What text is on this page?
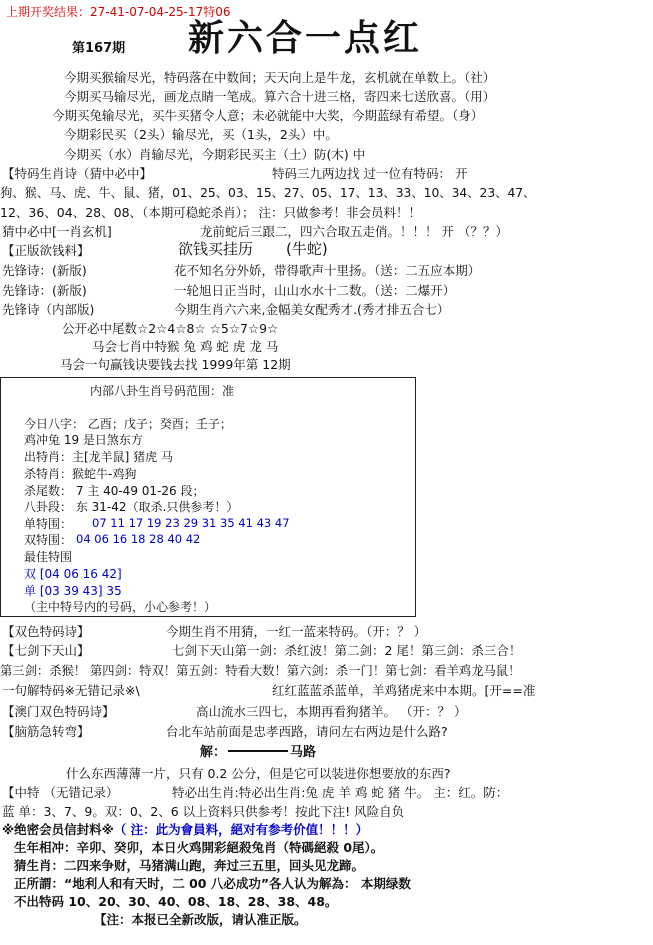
上期开奖结果：27-41-07-04-25-17特06
第167期 新六合一点红
今期买猴输尽光，特码落在中数间；天天向上是牛龙，玄机就在单数上。（社）
今期买马输尽光，画龙点睛一笔成。算六合十进三格，寄四来七送欣喜。（用）
今期买兔输尽光，买牛买猪令人意；未必就能中大奖，今期蓝绿有希望。（身）
今期彩民买（2头）输尽光，买（1头，2头）中。
今期买（水）肖输尽光，今期彩民买主（土）防(木) 中
【特码生肖诗（猜中必中】	特码三九两边找 过一位有特码： 开
狗、猴、马、虎、牛、鼠、猪，01、25、03、15、27、05、17、13、33、10、34、23、47、
12、36、04、28、08、（本期可稳蛇杀肖）； 注：只做参考！非会员料！！
猜中必中[一肖玄机]	龙前蛇后三跟二，四六合取五走俏。！！！ 开 （？？）
【正版欲钱料】	欲钱买挂历 (牛蛇)
先锋诗：(新版)	花不知名分外娇，带得歌声十里扬。（送：二五应本期）
先锋诗：(新版)	一轮旭日正当时，山山水水十二数。（送：二爆开）
先锋诗（内部版)	今期生肖六六来,金幅美女配秀才.(秀才排五合七）
公开必中尾数☆2☆4☆8☆ ☆5☆7☆9☆
马会七肖中特猴 兔 鸡 蛇 虎 龙 马
马会一句赢钱诀要钱去找 1999年第 12期
内部八卦生肖号码范围：准
今日八字： 乙酉；戊子；癸酉；壬子；
鸡冲兔 19 是日煞东方
出特肖：主[龙羊鼠] 猪虎 马
杀特肖：猴蛇牛-鸡狗
杀尾数： 7 主 40-49 01-26 段；
八卦段： 东 31-42（取杀.只供参考！）
单特围： 07 11 17 19 23 29 31 35 41 43 47
双特围： 04 06 16 18 28 40 42
最佳特围
双 [04 06 16 42]
单 [03 39 43] 35
（主中特号内的号码，小心参考！）
【双色特码诗】	今期生肖不用猜，一红一蓝来特码。（开：？ ）
【七剑下天山】	七剑下天山第一剑：杀红波！第二剑：2 尾！第三剑：杀三合！
第三剑：杀猴！ 第四剑：特双！第五剑：特看大数！第六剑：杀一门！第七剑：看羊鸡龙马鼠！
一句解特码※无错记录※\	红红蓝蓝杀蓝单，羊鸡猪虎来中本期。[开==准
【澳门双色特码诗】	高山流水三四七，本期再看狗猪羊。 （开：？ ）
【脑筋急转弯】	台北车站前面是忠孝西路，请问左右两边是什么路?
解：	马路
什么东西薄薄一片，只有 0.2 公分，但是它可以装进你想要放的东西?
【中特 （无错记录）	特必出生肖:特必出生肖:兔 虎 羊 鸡 蛇 猪 牛。 主：红。防：
蓝 单：3、7、9。双：0、2、6 以上资料只供参考！按此下注! 风险自负
※绝密会员信封料※（ 注：此为會員料，絕对有参考价值！！！）
生年相冲：辛卯、癸卯，本日火鸡開彩絕殺兔肖（特碼絕殺 0尾）。
猜生肖：二四来争财，马猪满山跑，奔过三五里，回头见龙蹄。
正所謂：“地利人和有天时，二 00 八必成功”各人认为解為： 本期绿数
不出特码 10、20、30、40、08、18、28、38、48。
【注：本报已全新改版，请认准正版。
